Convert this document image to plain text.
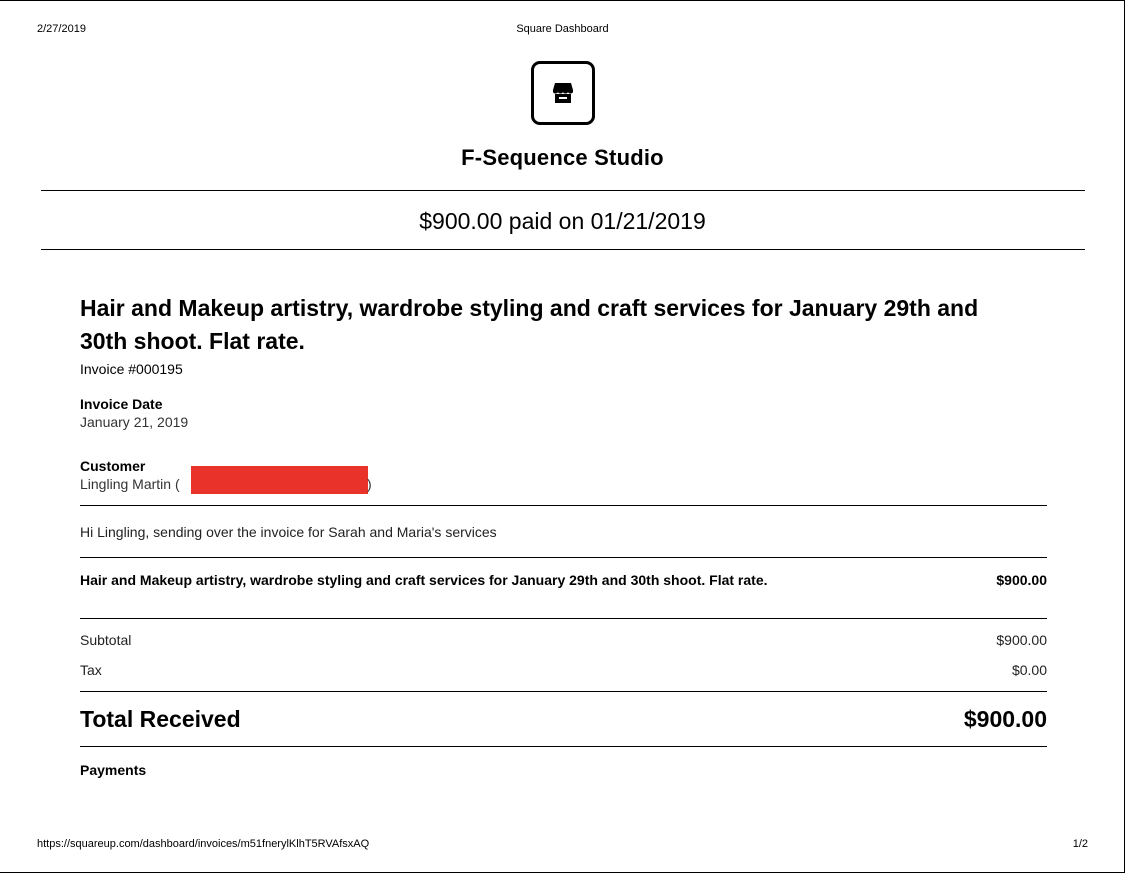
2/27/2019	Square Dashboard
F-Sequence Studio
$900.00 paid on 01/21/2019
Hair and Makeup artistry, wardrobe styling and craft services for January 29th and 30th shoot. Flat rate.
Invoice #000195
Invoice Date
January 21, 2019
Customer
Lingling Martin (	)
Hi Lingling, sending over the invoice for Sarah and Maria's services
Hair and Makeup artistry, wardrobe styling and craft services for January 29th and 30th shoot. Flat rate.	$900.00
Subtotal	$900.00
Tax	$0.00
Total Received	$900.00
Payments
https://squareup.com/dashboard/invoices/m51fnerylKlhT5RVAfsxAQ	1/2
